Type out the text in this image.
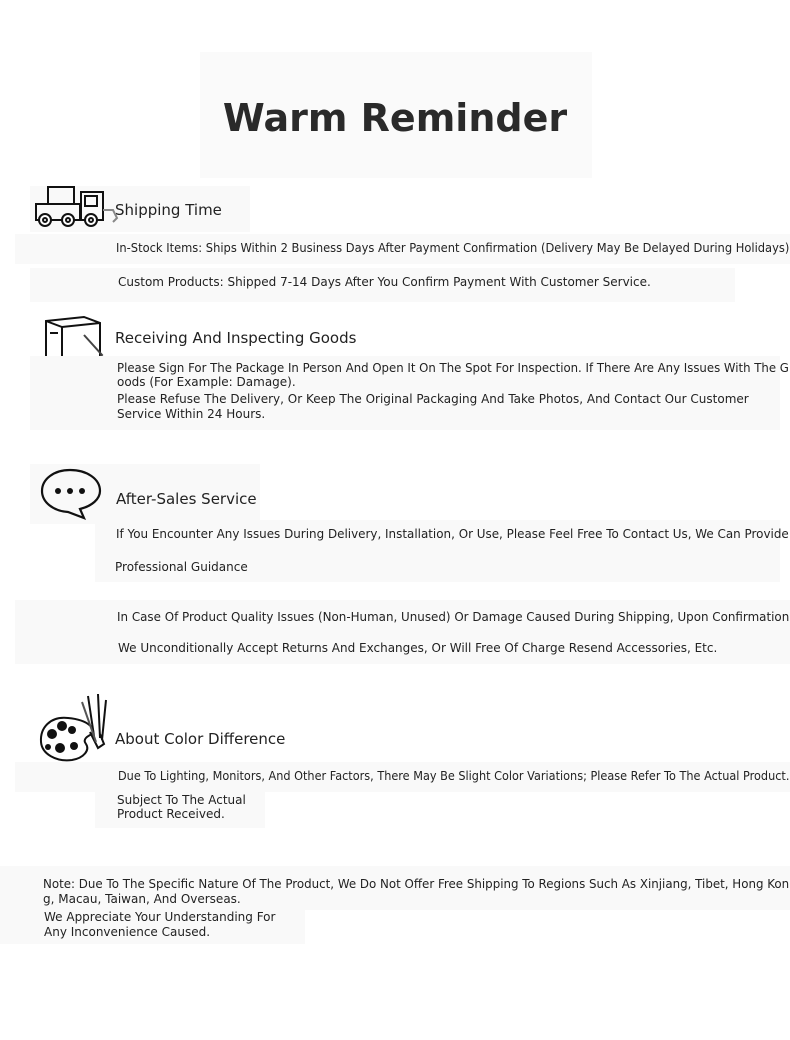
Warm Reminder
Shipping Time
In-Stock Items: Ships Within 2 Business Days After Payment Confirmation (Delivery May Be Delayed During Holidays)
Custom Products: Shipped 7-14 Days After You Confirm Payment With Customer Service.
Receiving And Inspecting Goods
Please Sign For The Package In Person And Open It On The Spot For Inspection. If There Are Any Issues With The G
oods (For Example: Damage).
Please Refuse The Delivery, Or Keep The Original Packaging And Take Photos, And Contact Our Customer
Service Within 24 Hours.
After-Sales Service
If You Encounter Any Issues During Delivery, Installation, Or Use, Please Feel Free To Contact Us, We Can Provide
Professional Guidance
In Case Of Product Quality Issues (Non-Human, Unused) Or Damage Caused During Shipping, Upon Confirmation
We Unconditionally Accept Returns And Exchanges, Or Will Free Of Charge Resend Accessories, Etc.
About Color Difference
Due To Lighting, Monitors, And Other Factors, There May Be Slight Color Variations; Please Refer To The Actual Product.
Subject To The Actual
Product Received.
Note: Due To The Specific Nature Of The Product, We Do Not Offer Free Shipping To Regions Such As Xinjiang, Tibet, Hong Kon
g, Macau, Taiwan, And Overseas.
We Appreciate Your Understanding For
Any Inconvenience Caused.
